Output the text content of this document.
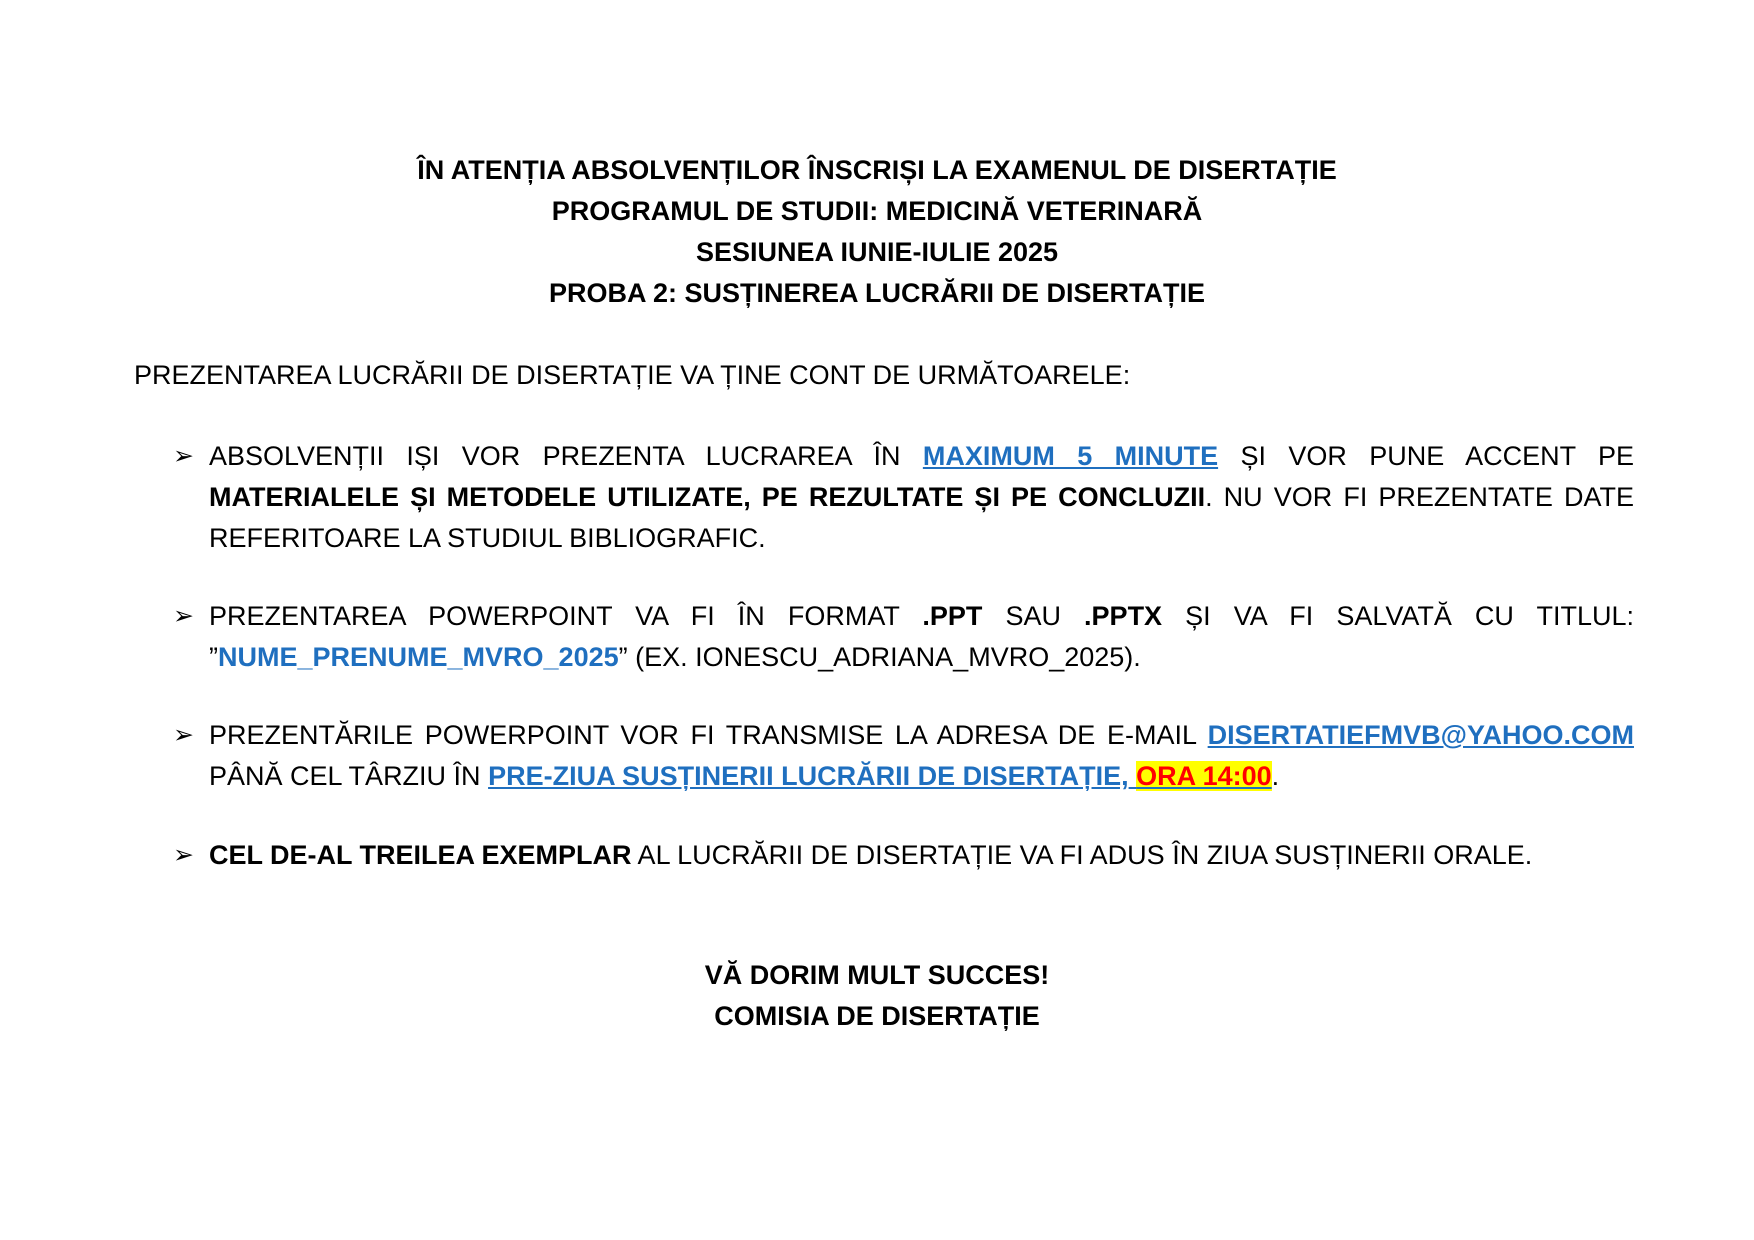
ÎN ATENȚIA ABSOLVENȚILOR ÎNSCRIȘI LA EXAMENUL DE DISERTAȚIE
PROGRAMUL DE STUDII: MEDICINĂ VETERINARĂ
SESIUNEA IUNIE-IULIE 2025
PROBA 2: SUSȚINEREA LUCRĂRII DE DISERTAȚIE
PREZENTAREA LUCRĂRII DE DISERTAȚIE VA ȚINE CONT DE URMĂTOARELE:
➢ ABSOLVENȚII IȘI VOR PREZENTA LUCRAREA ÎN MAXIMUM 5 MINUTE ȘI VOR PUNE ACCENT PE MATERIALELE ȘI METODELE UTILIZATE, PE REZULTATE ȘI PE CONCLUZII. NU VOR FI PREZENTATE DATE REFERITOARE LA STUDIUL BIBLIOGRAFIC.
➢ PREZENTAREA POWERPOINT VA FI ÎN FORMAT .PPT SAU .PPTX ȘI VA FI SALVATĂ CU TITLUL: ”NUME_PRENUME_MVRO_2025” (EX. IONESCU_ADRIANA_MVRO_2025).
➢ PREZENTĂRILE POWERPOINT VOR FI TRANSMISE LA ADRESA DE E-MAIL DISERTATIEFMVB@YAHOO.COM PÂNĂ CEL TÂRZIU ÎN PRE-ZIUA SUSȚINERII LUCRĂRII DE DISERTAȚIE, ORA 14:00.
➢ CEL DE-AL TREILEA EXEMPLAR AL LUCRĂRII DE DISERTAȚIE VA FI ADUS ÎN ZIUA SUSȚINERII ORALE.
VĂ DORIM MULT SUCCES!
COMISIA DE DISERTAȚIE
